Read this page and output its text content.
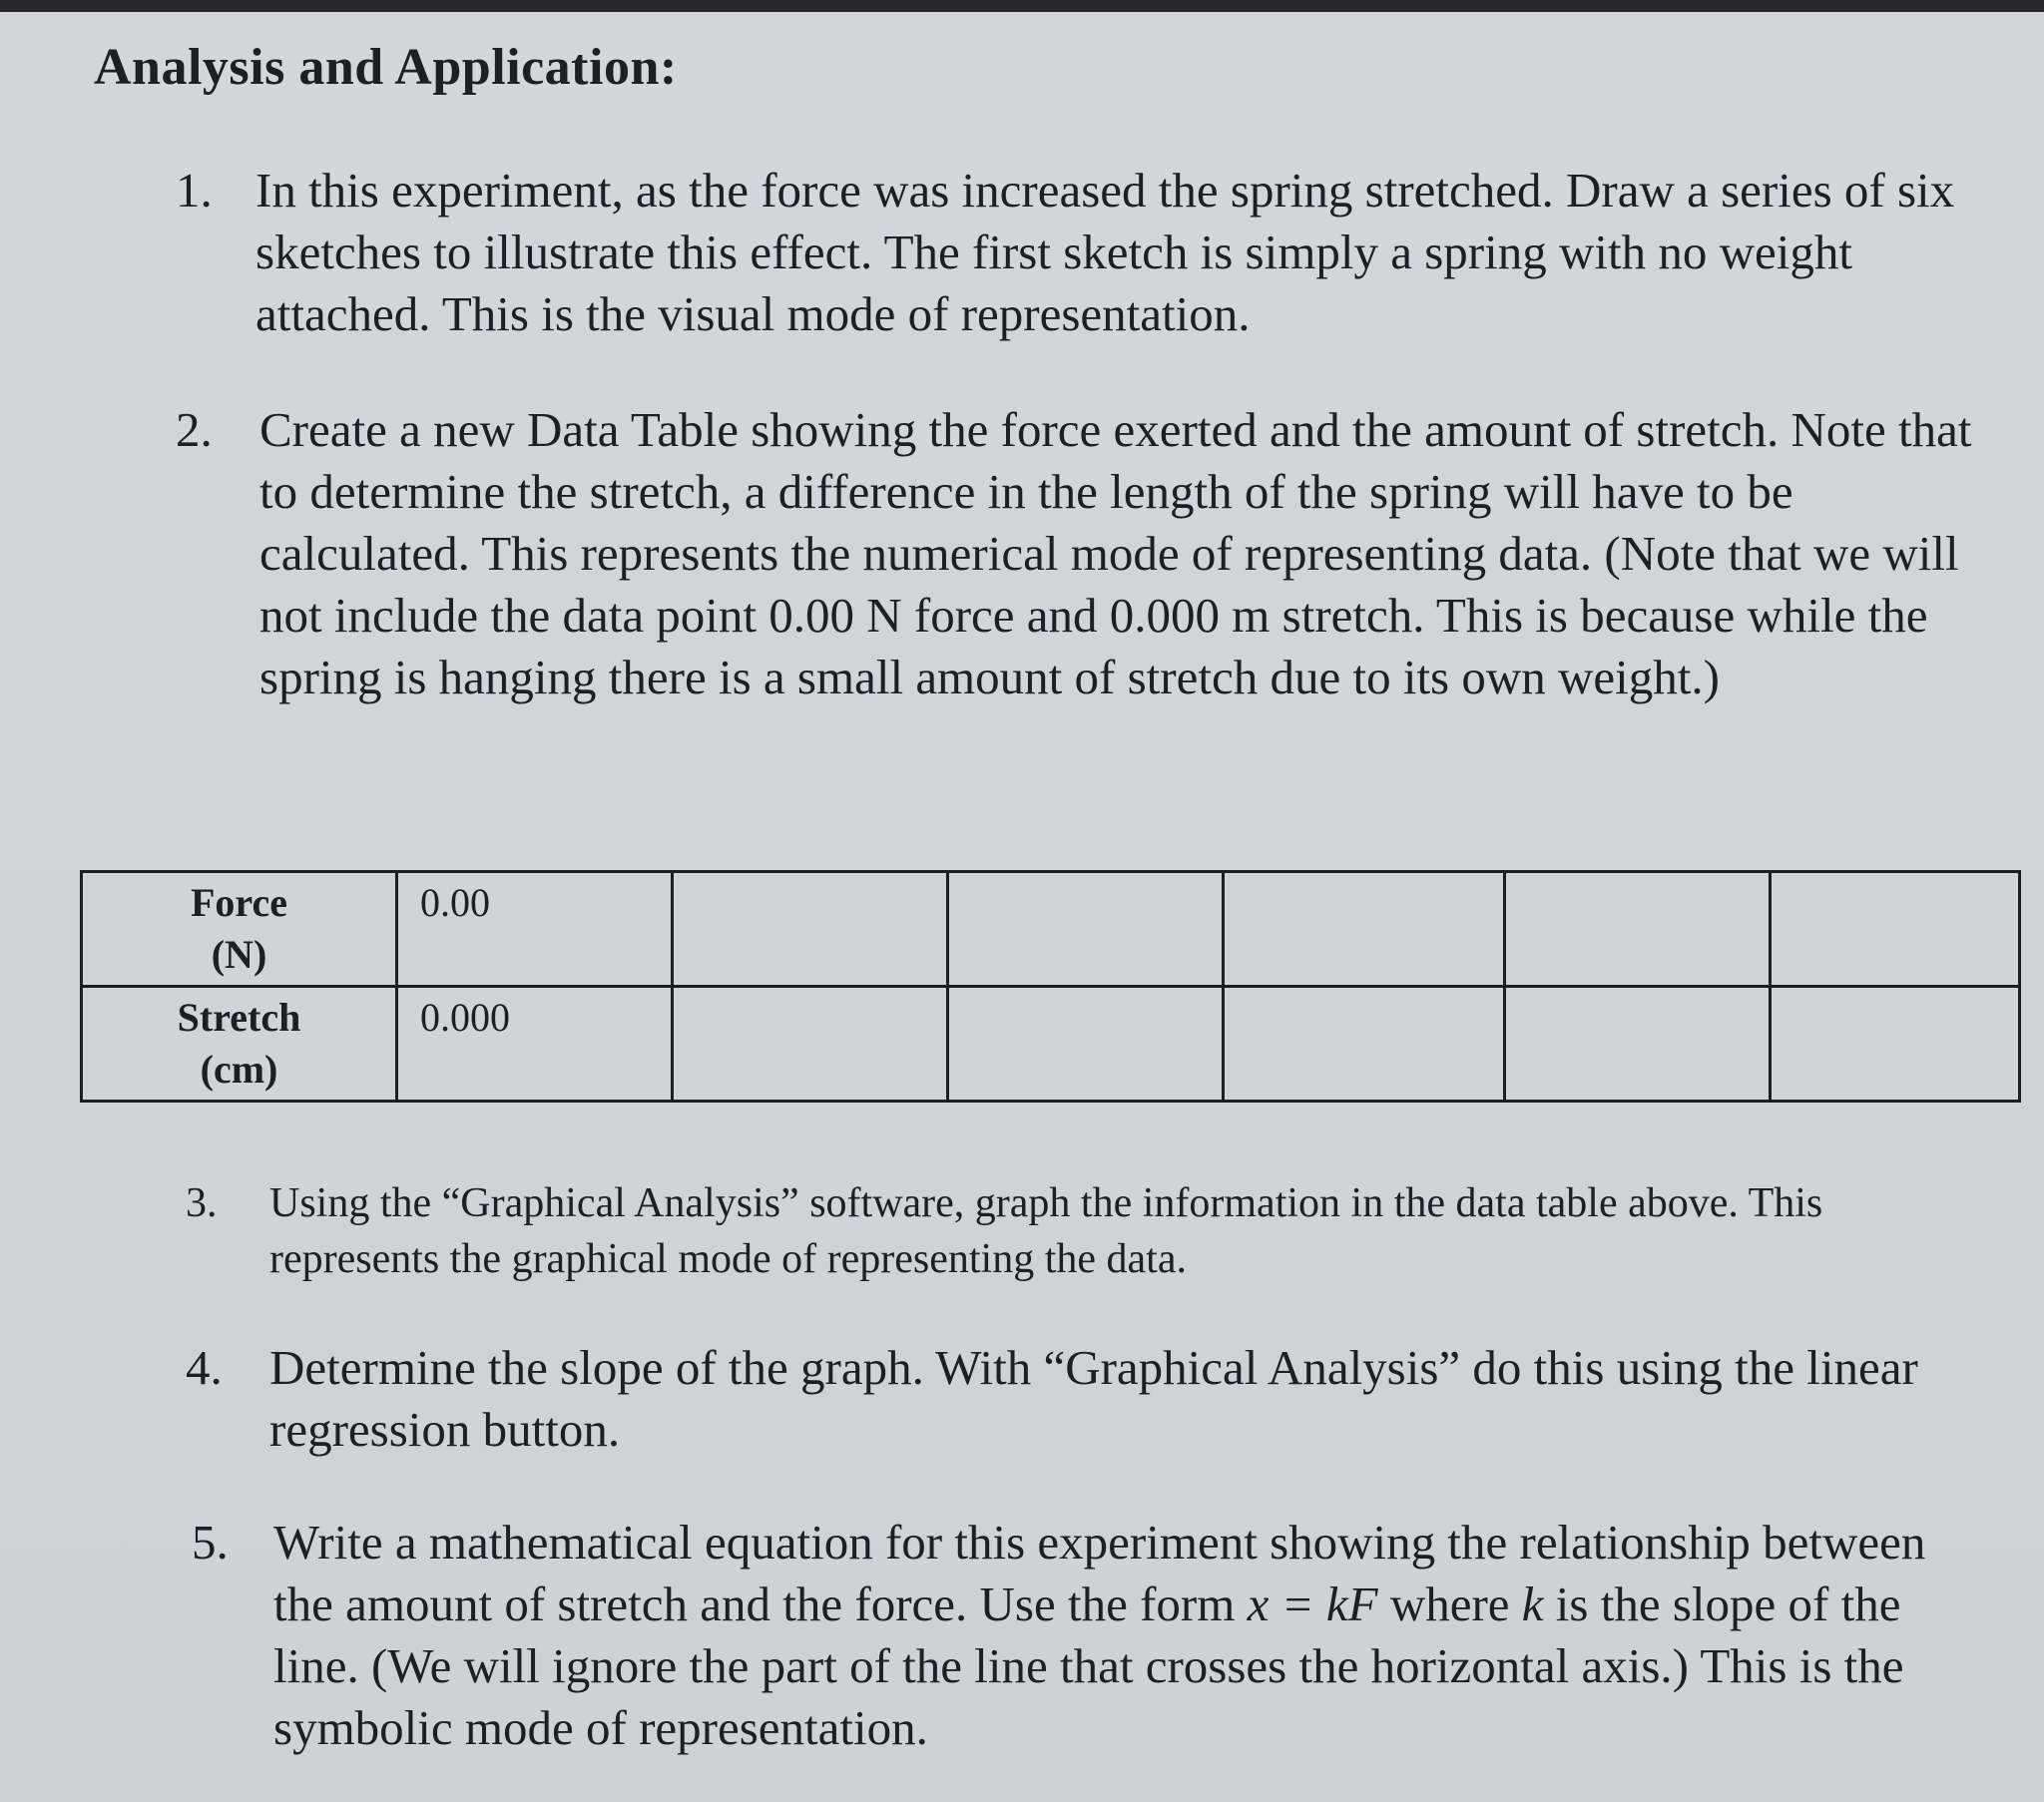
Analysis and Application:
1. In this experiment, as the force was increased the spring stretched. Draw a series of six sketches to illustrate this effect. The first sketch is simply a spring with no weight attached. This is the visual mode of representation.
2. Create a new Data Table showing the force exerted and the amount of stretch. Note that to determine the stretch, a difference in the length of the spring will have to be calculated. This represents the numerical mode of representing data. (Note that we will not include the data point 0.00 N force and 0.000 m stretch. This is because while the spring is hanging there is a small amount of stretch due to its own weight.)
Force
(N)	0.00					

Stretch
(cm)	0.000					
3. Using the “Graphical Analysis” software, graph the information in the data table above. This represents the graphical mode of representing the data.
4. Determine the slope of the graph. With “Graphical Analysis” do this using the linear regression button.
5. Write a mathematical equation for this experiment showing the relationship between the amount of stretch and the force. Use the form x = kF where k is the slope of the line. (We will ignore the part of the line that crosses the horizontal axis.) This is the symbolic mode of representation.
